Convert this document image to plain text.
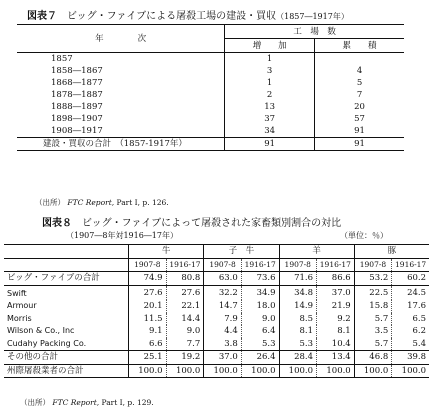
図表７ ビッグ・ファイブによる屠殺工場の建設・買収（1857―1917年）
年　　　　次	工　場　数	
	増　　加	累　　積
1857	1	
1858―1867	3	4
1868―1877	1	5
1878―1887	2	7
1888―1897	13	20
1898―1907	37	57
1908―1917	34	91
建設・買収の合計　（1857-1917年）	91	91
（出所） FTC Report, Part I, p. 126.
図表８ ビッグ・ファイブによって屠殺された家畜類別割合の対比
（1907―8年対1916―17年）	（単位：％）
	牛		子　牛		羊		豚	
	1907-8	1916-17	1907-8	1916-17	1907-8	1916-17	1907-8	1916-17
ビッグ・ファイブの合計	74.9	80.8	63.0	73.6	71.6	86.6	53.2	60.2
Swift	27.6	27.6	32.2	34.9	34.8	37.0	22.5	24.5
Armour	20.1	22.1	14.7	18.0	14.9	21.9	15.8	17.6
Morris	11.5	14.4	7.9	9.0	8.5	9.2	5.7	6.5
Wilson & Co., Inc	9.1	9.0	4.4	6.4	8.1	8.1	3.5	6.2
Cudahy Packing Co.	6.6	7.7	3.8	5.3	5.3	10.4	5.7	5.4
その他の合計	25.1	19.2	37.0	26.4	28.4	13.4	46.8	39.8
州際屠殺業者の合計	100.0	100.0	100.0	100.0	100.0	100.0	100.0	100.0
（出所） FTC Report, Part I, p. 129.
